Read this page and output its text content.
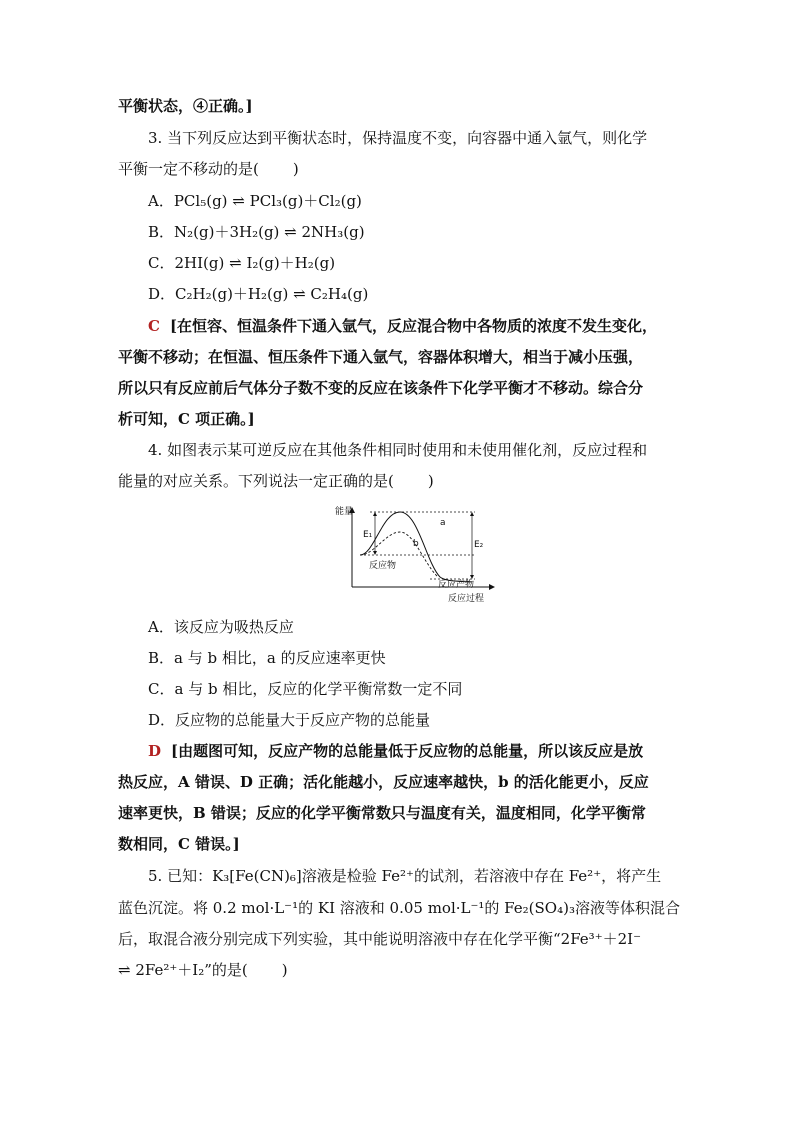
平衡状态，④正确。]
3. 当下列反应达到平衡状态时，保持温度不变，向容器中通入氩气，则化学
平衡一定不移动的是( )
A．PCl₅(g) ⇌ PCl₃(g)＋Cl₂(g)
B．N₂(g)＋3H₂(g) ⇌ 2NH₃(g)
C．2HI(g) ⇌ I₂(g)＋H₂(g)
D．C₂H₂(g)＋H₂(g) ⇌ C₂H₄(g)
C [在恒容、恒温条件下通入氩气，反应混合物中各物质的浓度不发生变化，
平衡不移动；在恒温、恒压条件下通入氩气，容器体积增大，相当于减小压强，
所以只有反应前后气体分子数不变的反应在该条件下化学平衡才不移动。综合分
析可知，C 项正确。]
4. 如图表示某可逆反应在其他条件相同时使用和未使用催化剂，反应过程和
能量的对应关系。下列说法一定正确的是( )
能量
反应过程
E₁
E₂
a
b
反应物
反应产物
A．该反应为吸热反应
B．a 与 b 相比，a 的反应速率更快
C．a 与 b 相比，反应的化学平衡常数一定不同
D．反应物的总能量大于反应产物的总能量
D [由题图可知，反应产物的总能量低于反应物的总能量，所以该反应是放
热反应，A 错误、D 正确；活化能越小，反应速率越快，b 的活化能更小，反应
速率更快，B 错误；反应的化学平衡常数只与温度有关，温度相同，化学平衡常
数相同，C 错误。]
5. 已知：K₃[Fe(CN)₆]溶液是检验 Fe²⁺的试剂，若溶液中存在 Fe²⁺，将产生
蓝色沉淀。将 0.2 mol·L⁻¹的 KI 溶液和 0.05 mol·L⁻¹的 Fe₂(SO₄)₃溶液等体积混合
后，取混合液分别完成下列实验，其中能说明溶液中存在化学平衡“2Fe³⁺＋2I⁻
⇌ 2Fe²⁺＋I₂”的是( )
